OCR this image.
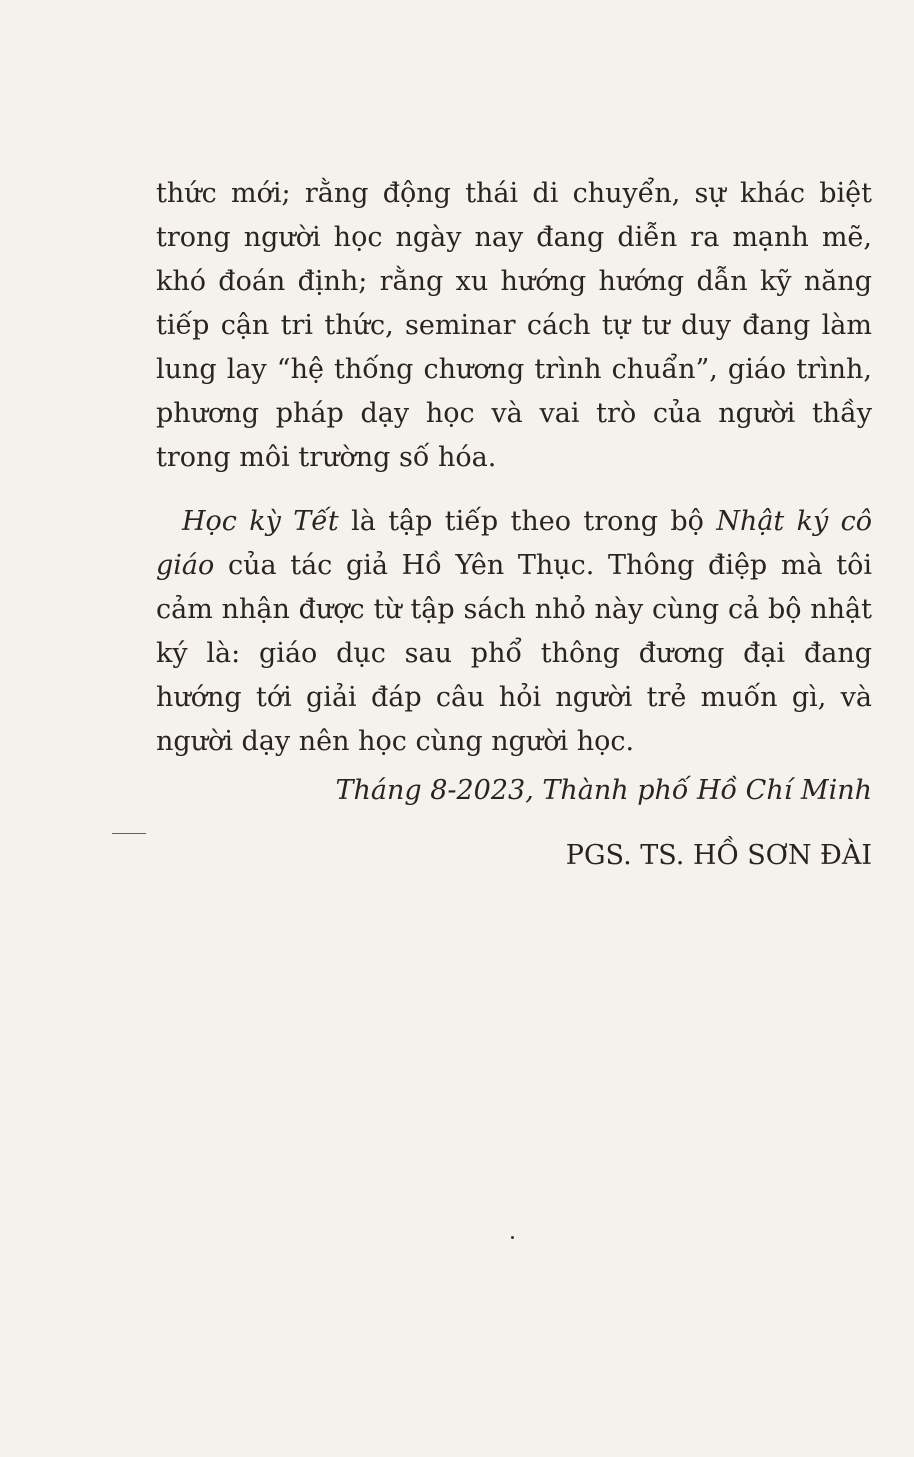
thức mới; rằng động thái di chuyển, sự khác biệt trong người học ngày nay đang diễn ra mạnh mẽ, khó đoán định; rằng xu hướng hướng dẫn kỹ năng tiếp cận tri thức, seminar cách tự tư duy đang làm lung lay “hệ thống chương trình chuẩn”, giáo trình, phương pháp dạy học và vai trò của người thầy trong môi trường số hóa.

Học kỳ Tết là tập tiếp theo trong bộ Nhật ký cô giáo của tác giả Hồ Yên Thục. Thông điệp mà tôi cảm nhận được từ tập sách nhỏ này cùng cả bộ nhật ký là: giáo dục sau phổ thông đương đại đang hướng tới giải đáp câu hỏi người trẻ muốn gì, và người dạy nên học cùng người học.

Tháng 8-2023, Thành phố Hồ Chí Minh
PGS. TS. HỒ SƠN ĐÀI
